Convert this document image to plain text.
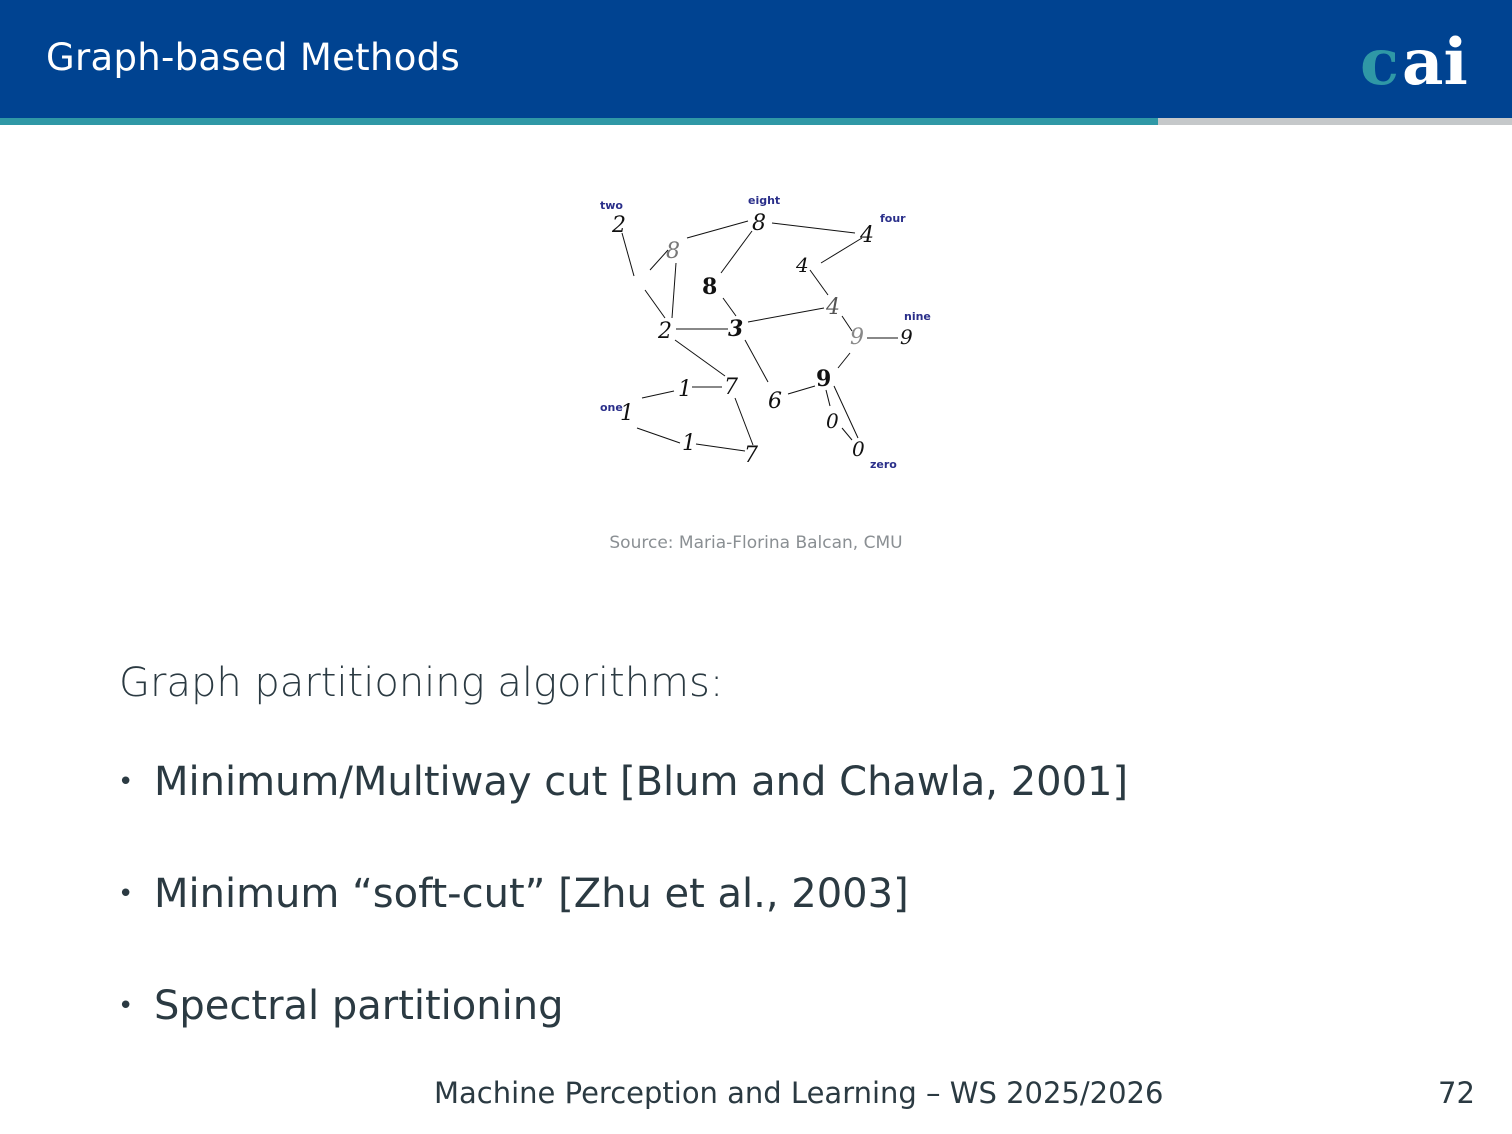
Graph-based Methods	c ai
two	eight
four
nine
one
zero
2	8
8
4
4
4
2	3
8
9 9
9
1
1
1
7
6
0
0
7
Source: Maria-Florina Balcan, CMU
Graph partitioning algorithms:
• Minimum/Multiway cut [Blum and Chawla, 2001]
• Minimum “soft-cut” [Zhu et al., 2003]
• Spectral partitioning
Machine Perception and Learning – WS 2025/2026	72
